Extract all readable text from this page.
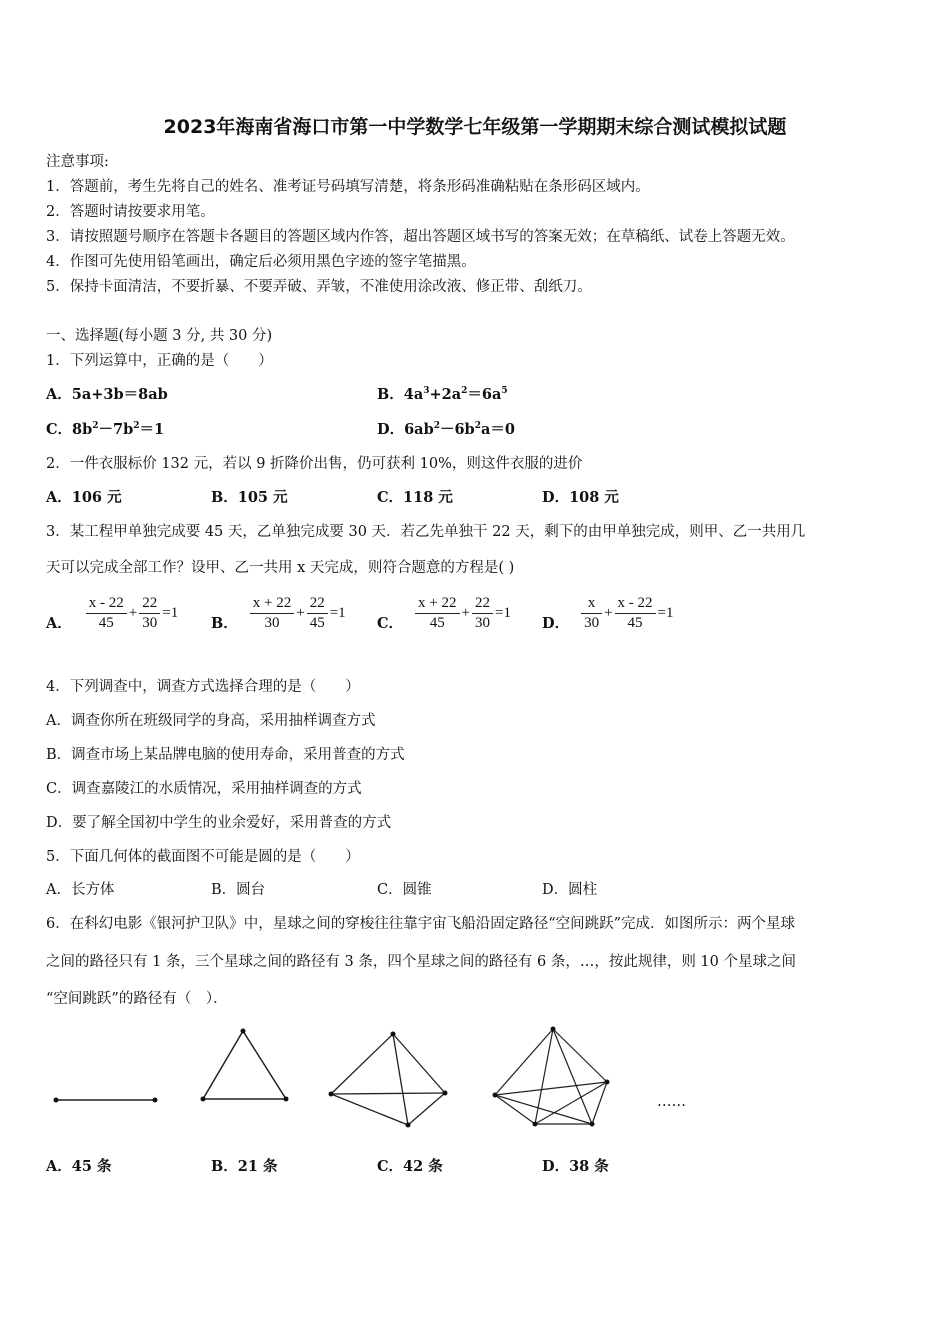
2023年海南省海口市第一中学数学七年级第一学期期末综合测试模拟试题
注意事项:
1．答题前，考生先将自己的姓名、准考证号码填写清楚，将条形码准确粘贴在条形码区域内。
2．答题时请按要求用笔。
3．请按照题号顺序在答题卡各题目的答题区域内作答，超出答题区域书写的答案无效；在草稿纸、试卷上答题无效。
4．作图可先使用铅笔画出，确定后必须用黑色字迹的签字笔描黑。
5．保持卡面清洁，不要折暴、不要弄破、弄皱，不准使用涂改液、修正带、刮纸刀。
一、选择题(每小题 3 分, 共 30 分)
1．下列运算中，正确的是（　　）
A．5a+3b＝8ab	B．$4a^3+2a^2=6a^5$
C．$8b^2-7b^2=1$	D．$6ab^2-6b^2a=0$
2．一件衣服标价 132 元，若以 9 折降价出售，仍可获利 10%，则这件衣服的进价
A．106 元	B．105 元	C．118 元	D．108 元
3．某工程甲单独完成要 45 天，乙单独完成要 30 天．若乙先单独干 22 天，剩下的由甲单独完成，则甲、乙一共用几
天可以完成全部工作？设甲、乙一共用 x 天完成，则符合题意的方程是( )
A． $\frac{x - 22}{45} + \frac{22}{30} =1$
B． $\frac{x + 22}{30} + \frac{22}{45} =1$
C． $\frac{x + 22}{45} + \frac{22}{30} =1$
D． $\frac{x}{30} + \frac{x - 22}{45} =1$
4．下列调查中，调查方式选择合理的是（　　）
A．调查你所在班级同学的身高，采用抽样调查方式
B．调查市场上某品牌电脑的使用寿命，采用普查的方式
C．调查嘉陵江的水质情况，采用抽样调查的方式
D．要了解全国初中学生的业余爱好，采用普查的方式
5．下面几何体的截面图不可能是圆的是（　　）
A．长方体	B．圆台	C．圆锥	D．圆柱
6．在科幻电影《银河护卫队》中，星球之间的穿梭往往靠宇宙飞船沿固定路径“空间跳跃”完成．如图所示：两个星球
之间的路径只有 1 条，三个星球之间的路径有 3 条，四个星球之间的路径有 6 条，…，按此规律，则 10 个星球之间
“空间跳跃”的路径有（　）．
……
A．45 条	B．21 条	C．42 条	D．38 条
